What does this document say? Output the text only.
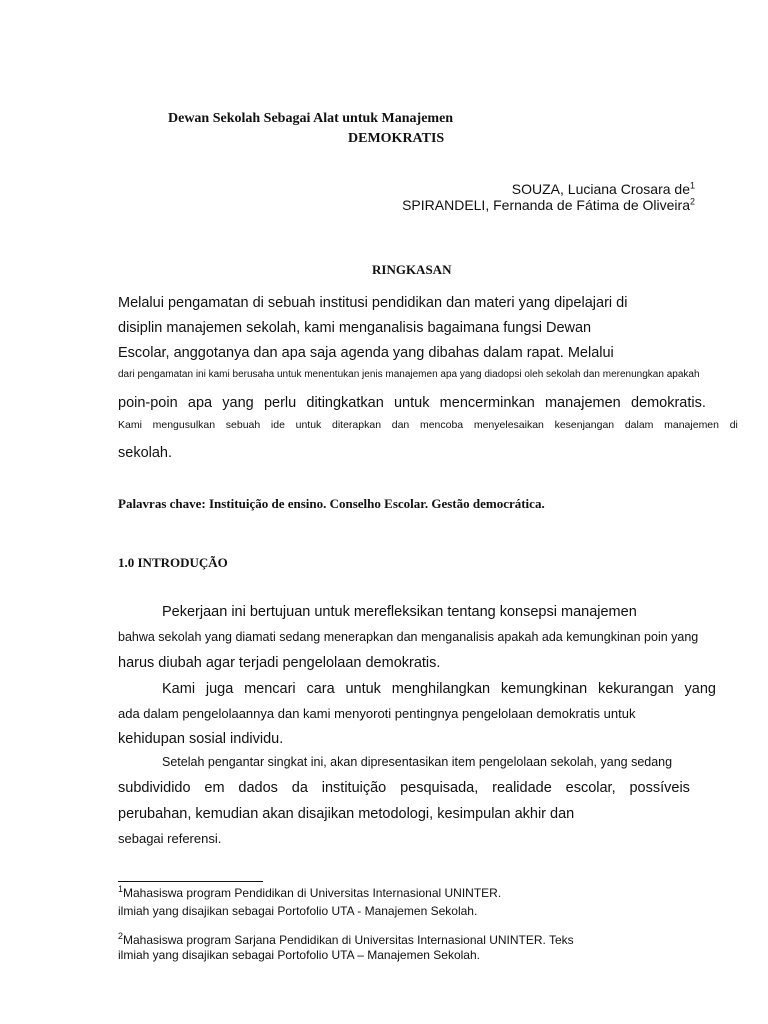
Dewan Sekolah Sebagai Alat untuk Manajemen
DEMOKRATIS
SOUZA, Luciana Crosara $de^1$
SPIRANDELI, Fernanda de Fátima de Oliveira$^2$
RINGKASAN
Melalui pengamatan di sebuah institusi pendidikan dan materi yang dipelajari di
disiplin manajemen sekolah, kami menganalisis bagaimana fungsi Dewan
Escolar, anggotanya dan apa saja agenda yang dibahas dalam rapat. Melalui
dari pengamatan ini kami berusaha untuk menentukan jenis manajemen apa yang diadopsi oleh sekolah dan merenungkan apakah
poin-poin apa yang perlu ditingkatkan untuk mencerminkan manajemen demokratis.
Kami mengusulkan sebuah ide untuk diterapkan dan mencoba menyelesaikan kesenjangan dalam manajemen di
sekolah.
Palavras chave: Instituição de ensino. Conselho Escolar. Gestão democrática.
1.0 INTRODUÇÃO
Pekerjaan ini bertujuan untuk merefleksikan tentang konsepsi manajemen
bahwa sekolah yang diamati sedang menerapkan dan menganalisis apakah ada kemungkinan poin yang
harus diubah agar terjadi pengelolaan demokratis.
Kami juga mencari cara untuk menghilangkan kemungkinan kekurangan yang
ada dalam pengelolaannya dan kami menyoroti pentingnya pengelolaan demokratis untuk
kehidupan sosial individu.
Setelah pengantar singkat ini, akan dipresentasikan item pengelolaan sekolah, yang sedang
subdividido em dados da instituição pesquisada, realidade escolar, possíveis
perubahan, kemudian akan disajikan metodologi, kesimpulan akhir dan
sebagai referensi.
$^1$Mahasiswa program Pendidikan di Universitas Internasional UNINTER.
ilmiah yang disajikan sebagai Portofolio UTA - Manajemen Sekolah.
$^2$Mahasiswa program Sarjana Pendidikan di Universitas Internasional UNINTER. Teks
ilmiah yang disajikan sebagai Portofolio UTA – Manajemen Sekolah.
